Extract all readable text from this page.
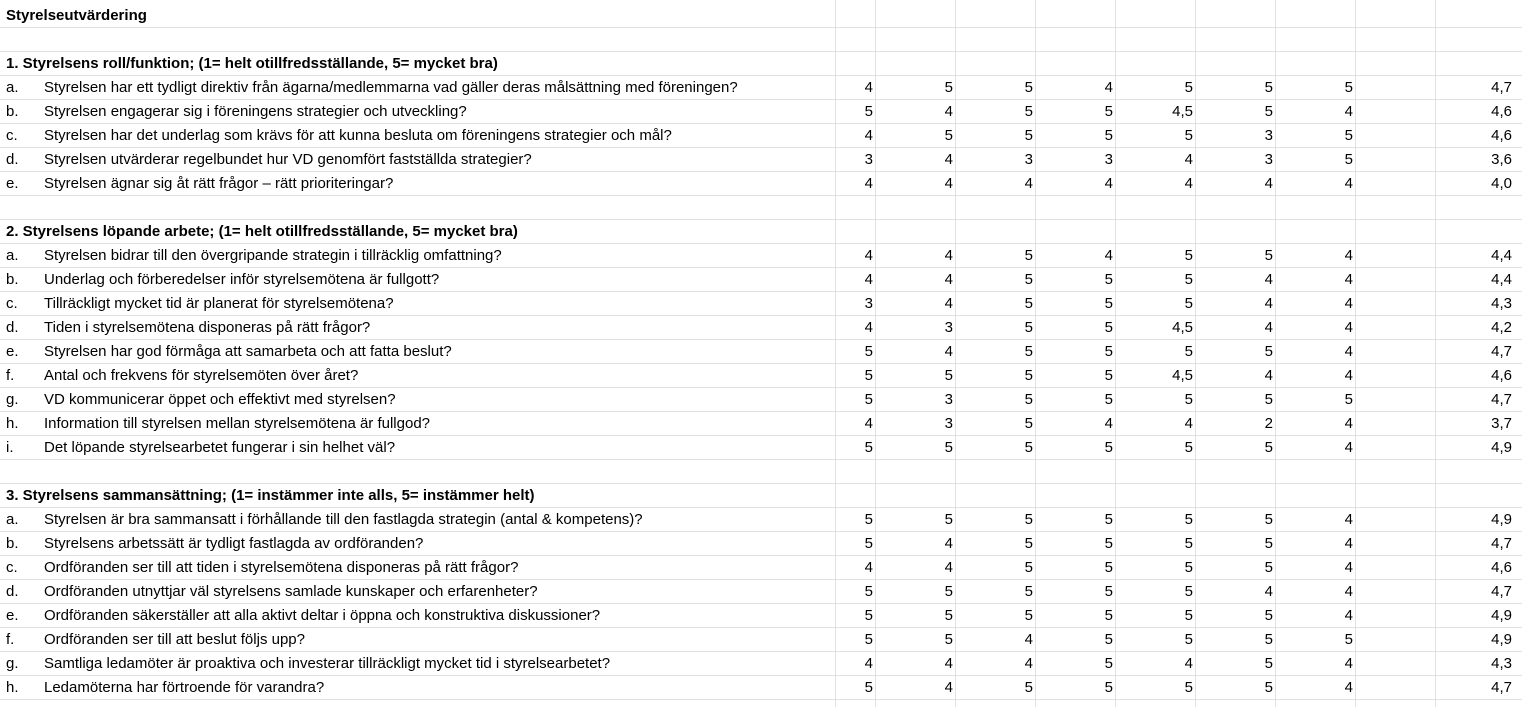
Styrelseutvärdering
1. Styrelsens roll/funktion; (1= helt otillfredsställande, 5= mycket bra)
a.	Styrelsen har ett tydligt direktiv från ägarna/medlemmarna vad gäller deras målsättning med föreningen?	4	5	5	4	5	5	5	4,7
b.	Styrelsen engagerar sig i föreningens strategier och utveckling?	5	4	5	5	4,5	5	4	4,6
c.	Styrelsen har det underlag som krävs för att kunna besluta om föreningens strategier och mål?	4	5	5	5	5	3	5	4,6
d.	Styrelsen utvärderar regelbundet hur VD genomfört fastställda strategier?	3	4	3	3	4	3	5	3,6
e.	Styrelsen ägnar sig åt rätt frågor – rätt prioriteringar?	4	4	4	4	4	4	4	4,0
2. Styrelsens löpande arbete; (1= helt otillfredsställande, 5= mycket bra)
a.	Styrelsen bidrar till den övergripande strategin i tillräcklig omfattning?	4	4	5	4	5	5	4	4,4
b.	Underlag och förberedelser inför styrelsemötena är fullgott?	4	4	5	5	5	4	4	4,4
c.	Tillräckligt mycket tid är planerat för styrelsemötena?	3	4	5	5	5	4	4	4,3
d.	Tiden i styrelsemötena disponeras på rätt frågor?	4	3	5	5	4,5	4	4	4,2
e.	Styrelsen har god förmåga att samarbeta och att fatta beslut?	5	4	5	5	5	5	4	4,7
f.	Antal och frekvens för styrelsemöten över året?	5	5	5	5	4,5	4	4	4,6
g.	VD kommunicerar öppet och effektivt med styrelsen?	5	3	5	5	5	5	5	4,7
h.	Information till styrelsen mellan styrelsemötena är fullgod?	4	3	5	4	4	2	4	3,7
i.	Det löpande styrelsearbetet fungerar i sin helhet väl?	5	5	5	5	5	5	4	4,9
3. Styrelsens sammansättning; (1= instämmer inte alls, 5= instämmer helt)
a.	Styrelsen är bra sammansatt i förhållande till den fastlagda strategin (antal & kompetens)?	5	5	5	5	5	5	4	4,9
b.	Styrelsens arbetssätt är tydligt fastlagda av ordföranden?	5	4	5	5	5	5	4	4,7
c.	Ordföranden ser till att tiden i styrelsemötena disponeras på rätt frågor?	4	4	5	5	5	5	4	4,6
d.	Ordföranden utnyttjar väl styrelsens samlade kunskaper och erfarenheter?	5	5	5	5	5	4	4	4,7
e.	Ordföranden säkerställer att alla aktivt deltar i öppna och konstruktiva diskussioner?	5	5	5	5	5	5	4	4,9
f.	Ordföranden ser till att beslut följs upp?	5	5	4	5	5	5	5	4,9
g.	Samtliga ledamöter är proaktiva och investerar tillräckligt mycket tid i styrelsearbetet?	4	4	4	5	4	5	4	4,3
h.	Ledamöterna har förtroende för varandra?	5	4	5	5	5	5	4	4,7
